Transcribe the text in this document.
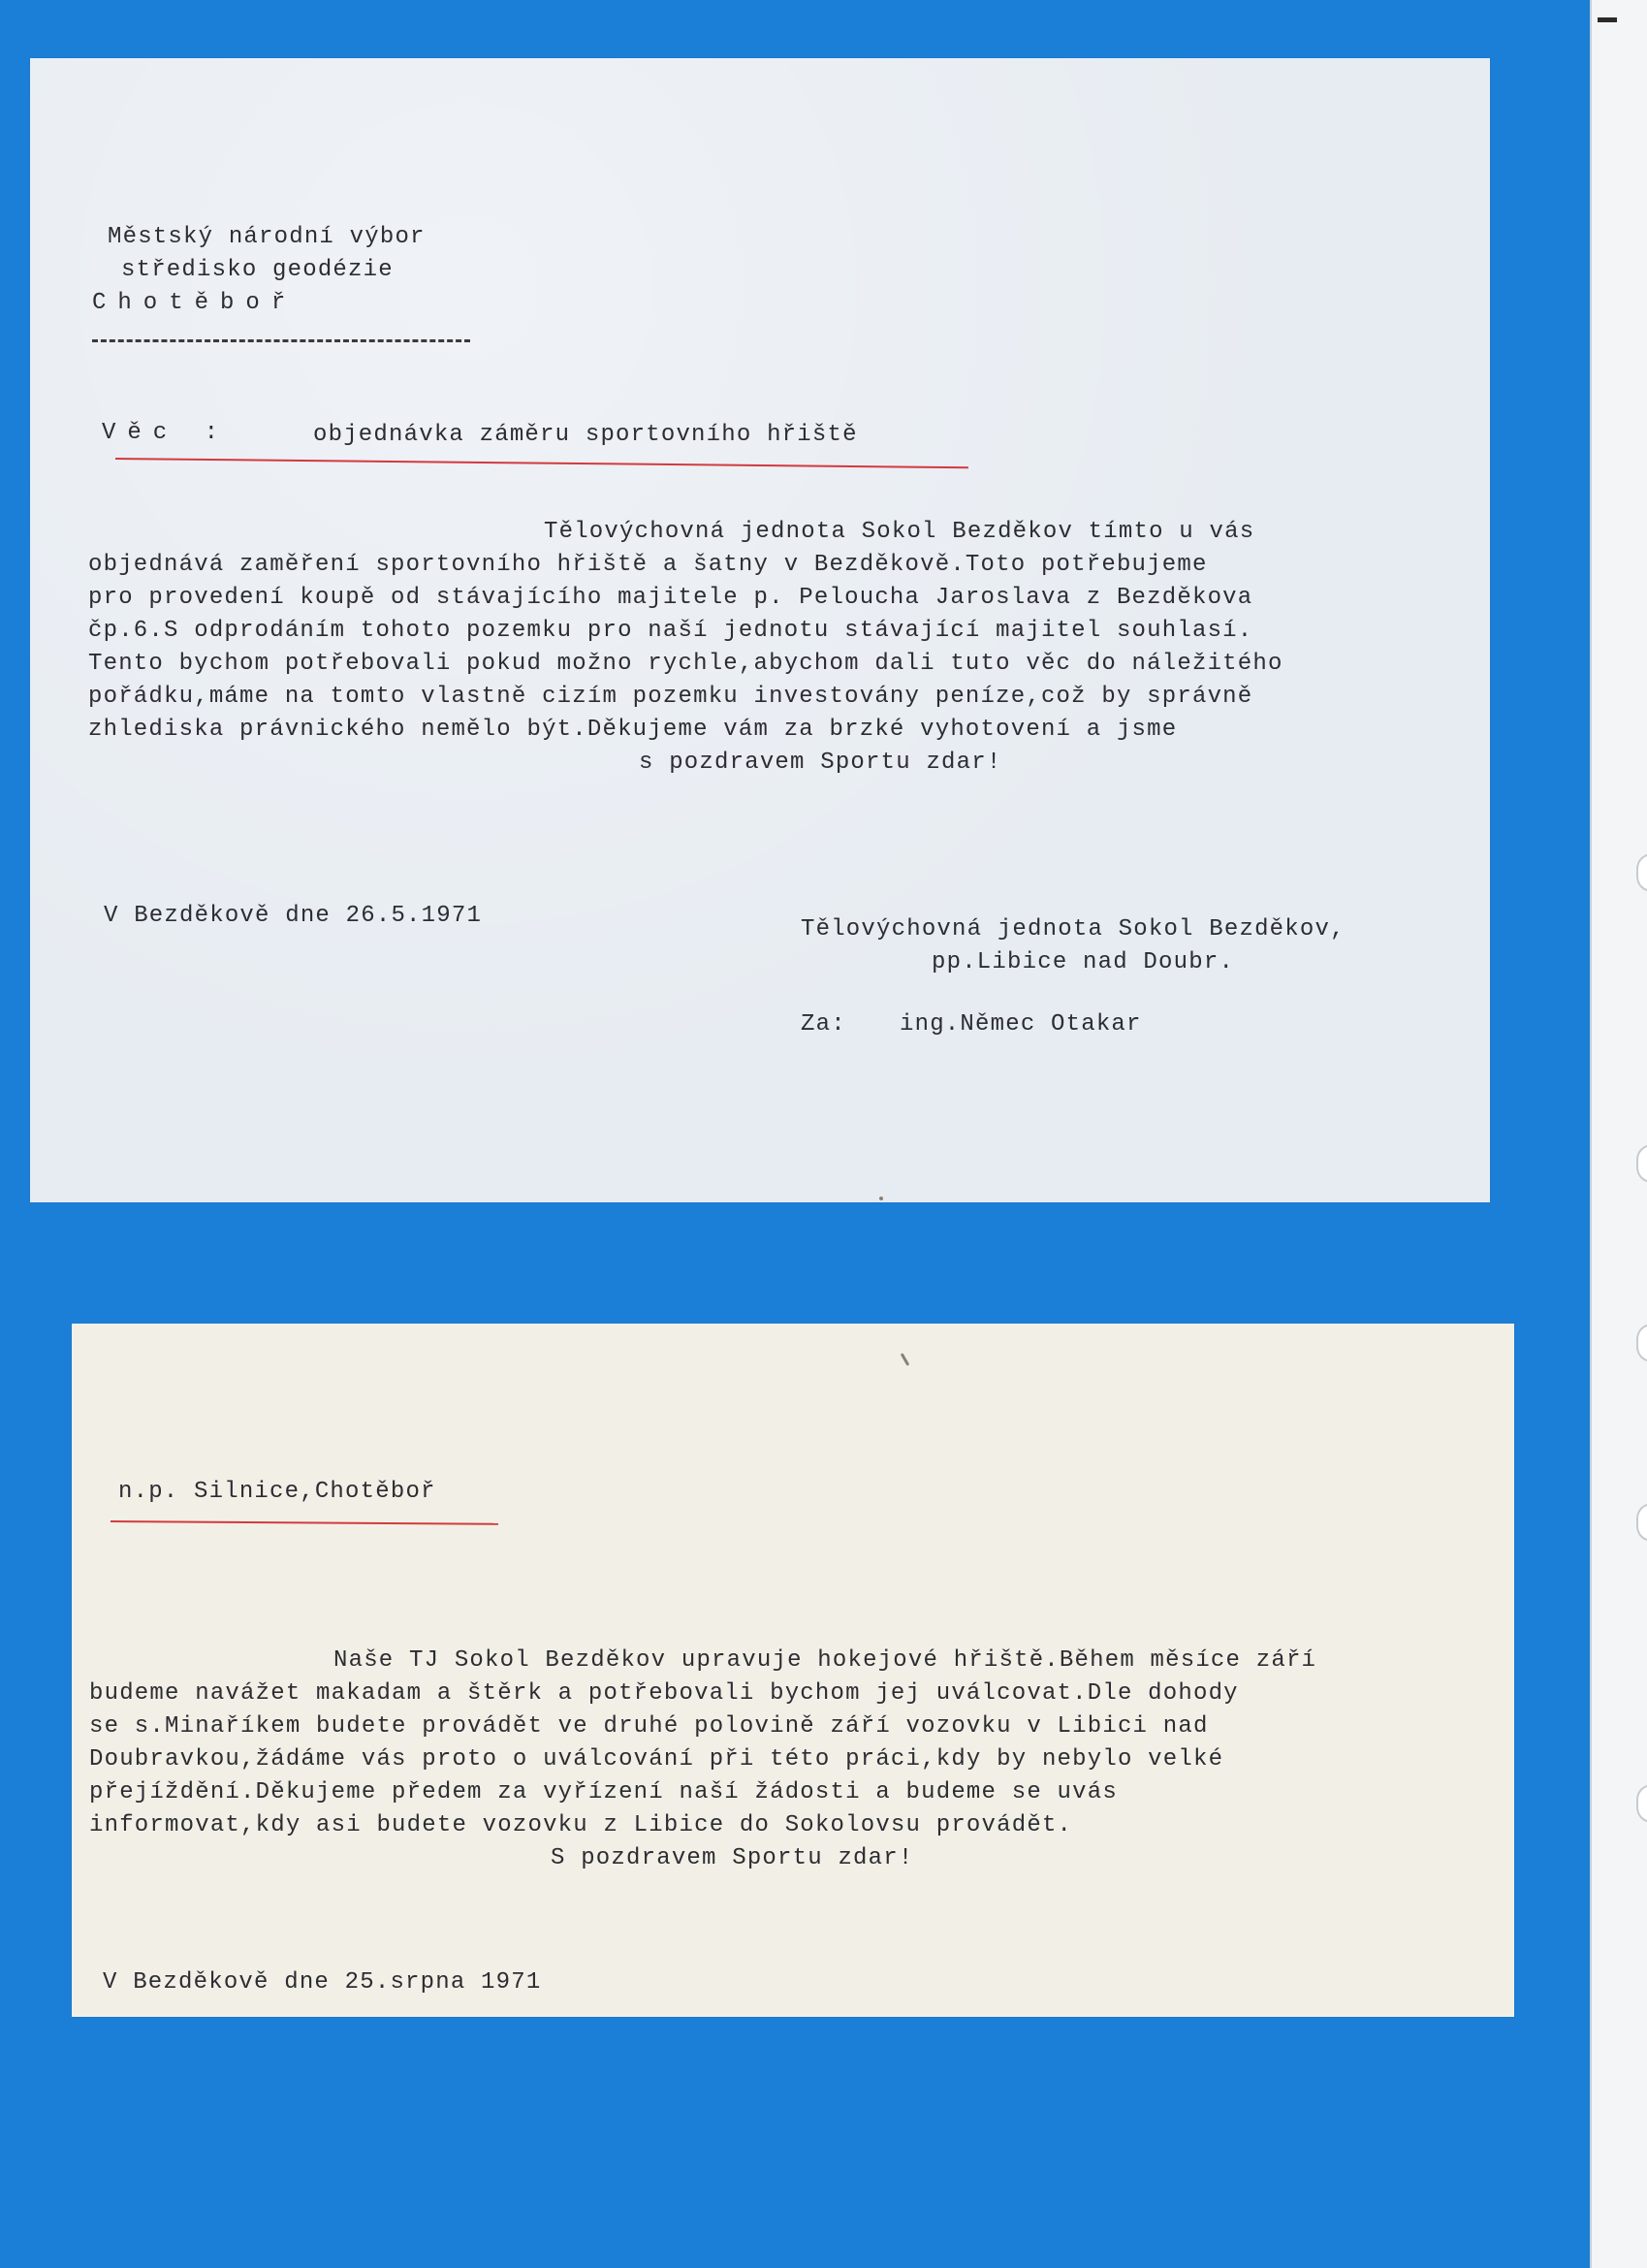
Městský národní výbor
středisko geodézie
Chotěboř
Věc :	objednávka záměru sportovního hřiště
Tělovýchovná jednota Sokol Bezděkov tímto u vás
objednává zaměření sportovního hřiště a šatny v Bezděkově.Toto potřebujeme
pro provedení koupě od stávajícího majitele p. Peloucha Jaroslava z Bezděkova
čp.6.S odprodáním tohoto pozemku pro naší jednotu stávající majitel souhlasí.
Tento bychom potřebovali pokud možno rychle,abychom dali tuto věc do náležitého
pořádku,máme na tomto vlastně cizím pozemku investovány peníze,což by správně
zhlediska právnického nemělo být.Děkujeme vám za brzké vyhotovení a jsme
s pozdravem Sportu zdar!
V Bezděkově dne 26.5.1971
Tělovýchovná jednota Sokol Bezděkov,
pp.Libice nad Doubr.
Za: ing.Němec Otakar
n.p. Silnice,Chotěboř
Naše TJ Sokol Bezděkov upravuje hokejové hřiště.Během měsíce září
budeme navážet makadam a štěrk a potřebovali bychom jej uválcovat.Dle dohody
se s.Minaříkem budete provádět ve druhé polovině září vozovku v Libici nad
Doubravkou,žádáme vás proto o uválcování při této práci,kdy by nebylo velké
přejíždění.Děkujeme předem za vyřízení naší žádosti a budeme se uvás
informovat,kdy asi budete vozovku z Libice do Sokolovsu provádět.
S pozdravem Sportu zdar!
V Bezděkově dne 25.srpna 1971
